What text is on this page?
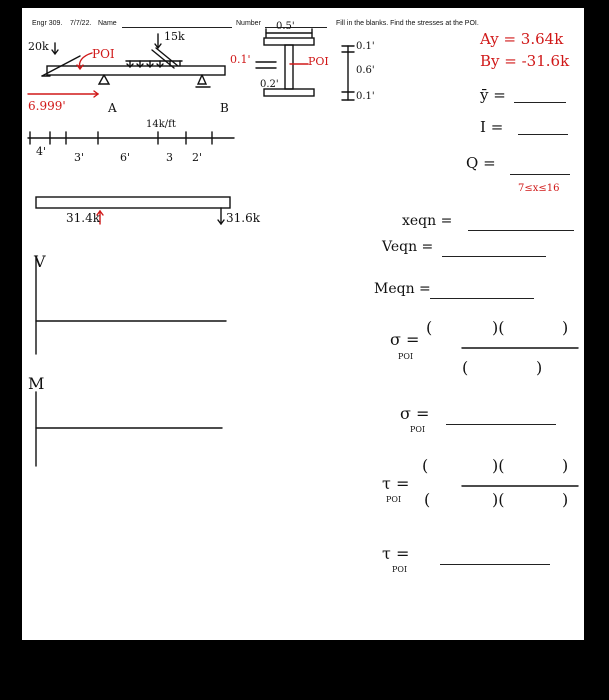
Engr 309. 7/7/22. Name	Number	Fill in the blanks. Find the stresses at the POI.
20k
POI
15k
6.999'	A
14k/ft
B
4'	3'	6'	3 2'
0.5'
0.1'
0.2'
POI
0.1'
0.6'
0.1'
Ay = 3.64k
By = -31.6k
ȳ =
I =
Q =
7≤x≤16
31.4k	31.6k
V
M
xeqn =
Veqn =
Meqn =
σ =
POI
(	)(	)
(	)
σ =
POI
τ =
POI
(	)(	)
(	)(	)
τ =
POI
